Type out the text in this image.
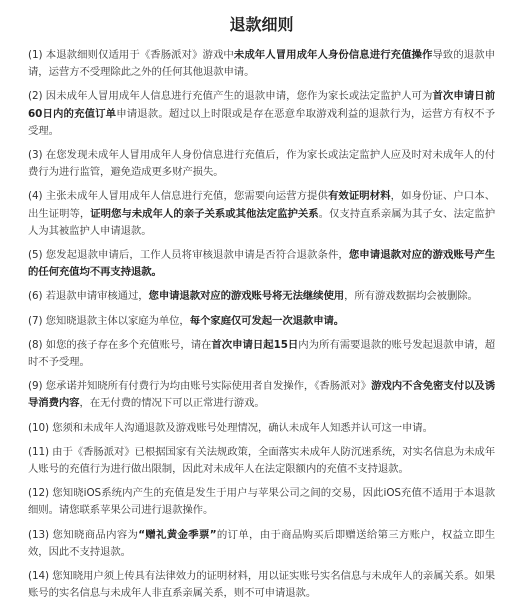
退款细则

(1) 本退款细则仅适用于《香肠派对》游戏中未成年人冒用成年人身份信息进行充值操作导致的退款申请，运营方不受理除此之外的任何其他退款申请。

(2) 因未成年人冒用成年人信息进行充值产生的退款申请，您作为家长或法定监护人可为首次申请日前60日内的充值订单申请退款。超过以上时限或是存在恶意牟取游戏利益的退款行为，运营方有权不予受理。

(3) 在您发现未成年人冒用成年人身份信息进行充值后，作为家长或法定监护人应及时对未成年人的付费行为进行监管，避免造成更多财产损失。

(4) 主张未成年人冒用成年人信息进行充值，您需要向运营方提供有效证明材料，如身份证、户口本、出生证明等，证明您与未成年人的亲子关系或其他法定监护关系。仅支持直系亲属为其子女、法定监护人为其被监护人申请退款。

(5) 您发起退款申请后，工作人员将审核退款申请是否符合退款条件，您申请退款对应的游戏账号产生的任何充值均不再支持退款。

(6) 若退款申请审核通过，您申请退款对应的游戏账号将无法继续使用，所有游戏数据均会被删除。

(7) 您知晓退款主体以家庭为单位，每个家庭仅可发起一次退款申请。

(8) 如您的孩子存在多个充值账号，请在首次申请日起15日内为所有需要退款的账号发起退款申请，超时不予受理。

(9) 您承诺并知晓所有付费行为均由账号实际使用者自发操作，《香肠派对》游戏内不含免密支付以及诱导消费内容，在无付费的情况下可以正常进行游戏。

(10) 您须和未成年人沟通退款及游戏账号处理情况，确认未成年人知悉并认可这一申请。

(11) 由于《香肠派对》已根据国家有关法规政策，全面落实未成年人防沉迷系统，对实名信息为未成年人账号的充值行为进行做出限制，因此对未成年人在法定限额内的充值不支持退款。

(12) 您知晓iOS系统内产生的充值是发生于用户与苹果公司之间的交易，因此iOS充值不适用于本退款细则。请您联系苹果公司进行退款操作。

(13) 您知晓商品内容为“赠礼黄金季票”的订单，由于商品购买后即赠送给第三方账户，权益立即生效，因此不支持退款。

(14) 您知晓用户须上传具有法律效力的证明材料，用以证实账号实名信息与未成年人的亲属关系。如果账号的实名信息与未成年人非直系亲属关系，则不可申请退款。
